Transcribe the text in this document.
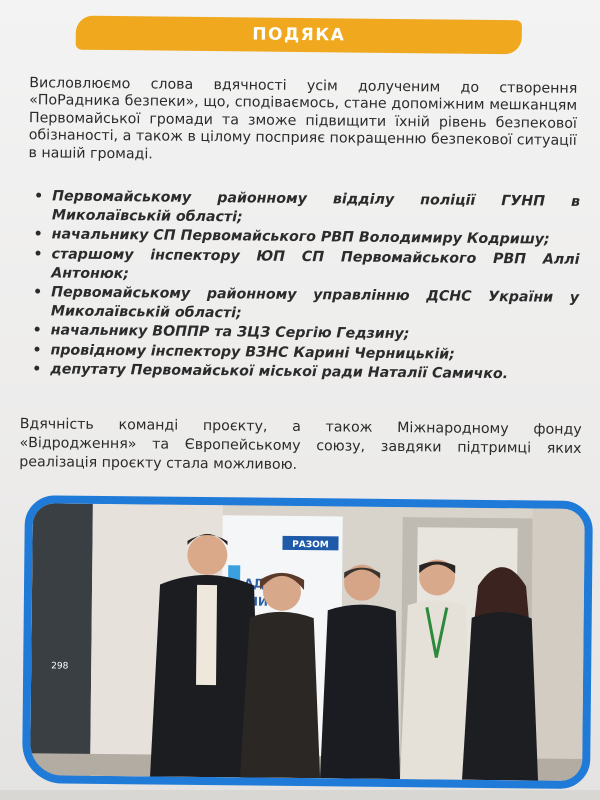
ПОДЯКА

Висловлюємо слова вдячності усім долученим до створення «ПоРадника безпеки», що, сподіваємось, стане допоміжним мешканцям Первомайської громади та зможе підвищити їхній рівень безпекової обізнаності, а також в цілому посприяє покращенню безпекової ситуації в нашій громаді.

• Первомайському районному відділу поліції ГУНП в Миколаївській області;
• начальнику СП Первомайського РВП Володимиру Кодришу;
• старшому інспектору ЮП СП Первомайського РВП Аллі Антонюк;
• Первомайському районному управлінню ДСНС України у Миколаївській області;
• начальнику ВОППР та ЗЦЗ Сергію Гедзину;
• провідному інспектору ВЗНС Карині Черницькій;
• депутату Первомайської міської ради Наталії Самичко.

Вдячність команді проєкту, а також Міжнародному фонду «Відродження» та Європейському союзу, завдяки підтримці яких реалізація проєкту стала можливою.

РАЗОМ
298
